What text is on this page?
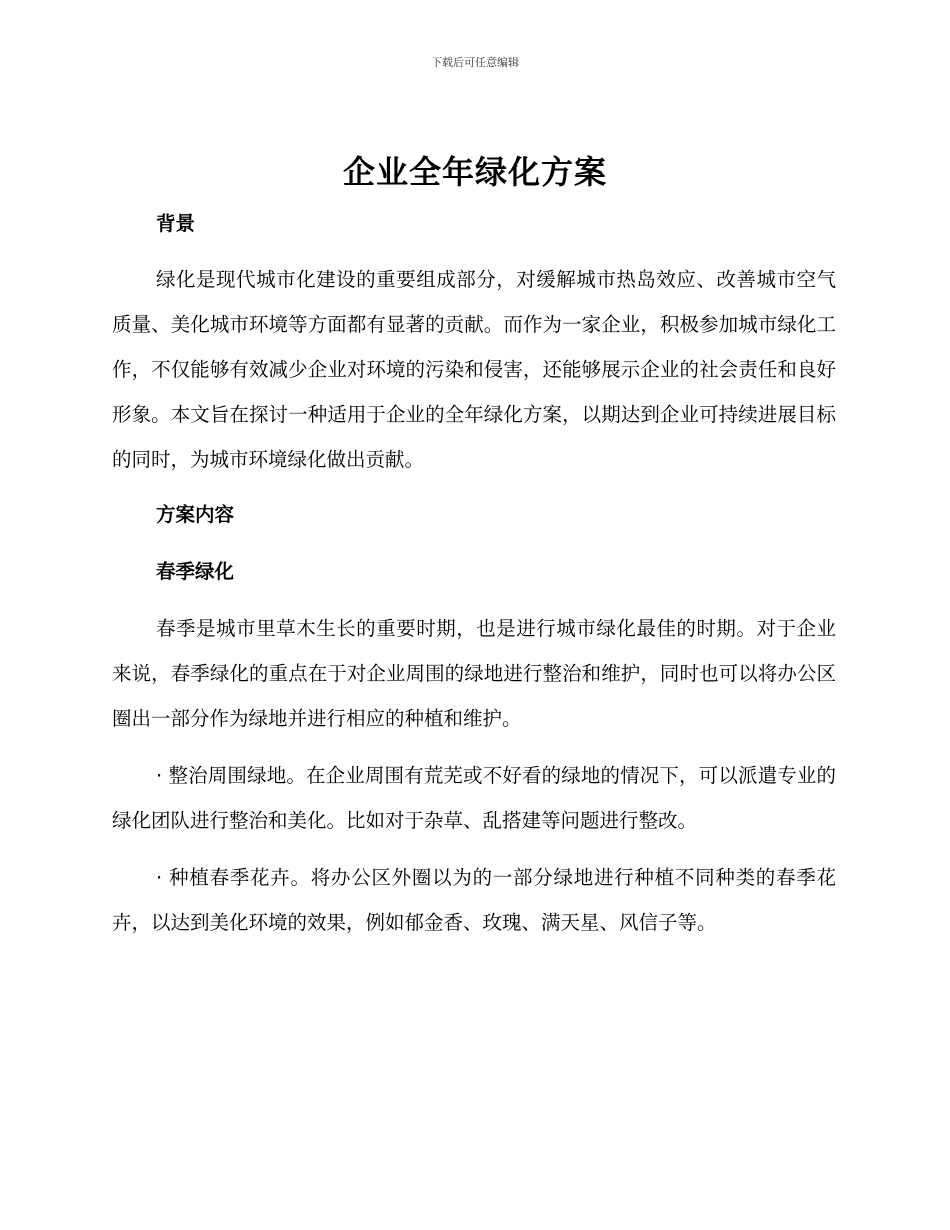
下载后可任意编辑
企业全年绿化方案

背景

绿化是现代城市化建设的重要组成部分，对缓解城市热岛效应、改善城市空气质量、美化城市环境等方面都有显著的贡献。而作为一家企业，积极参加城市绿化工作，不仅能够有效减少企业对环境的污染和侵害，还能够展示企业的社会责任和良好形象。本文旨在探讨一种适用于企业的全年绿化方案，以期达到企业可持续进展目标的同时，为城市环境绿化做出贡献。

方案内容

春季绿化

春季是城市里草木生长的重要时期，也是进行城市绿化最佳的时期。对于企业来说，春季绿化的重点在于对企业周围的绿地进行整治和维护，同时也可以将办公区圈出一部分作为绿地并进行相应的种植和维护。

· 整治周围绿地。在企业周围有荒芜或不好看的绿地的情况下，可以派遣专业的绿化团队进行整治和美化。比如对于杂草、乱搭建等问题进行整改。

· 种植春季花卉。将办公区外圈以为的一部分绿地进行种植不同种类的春季花卉，以达到美化环境的效果，例如郁金香、玫瑰、满天星、风信子等。
